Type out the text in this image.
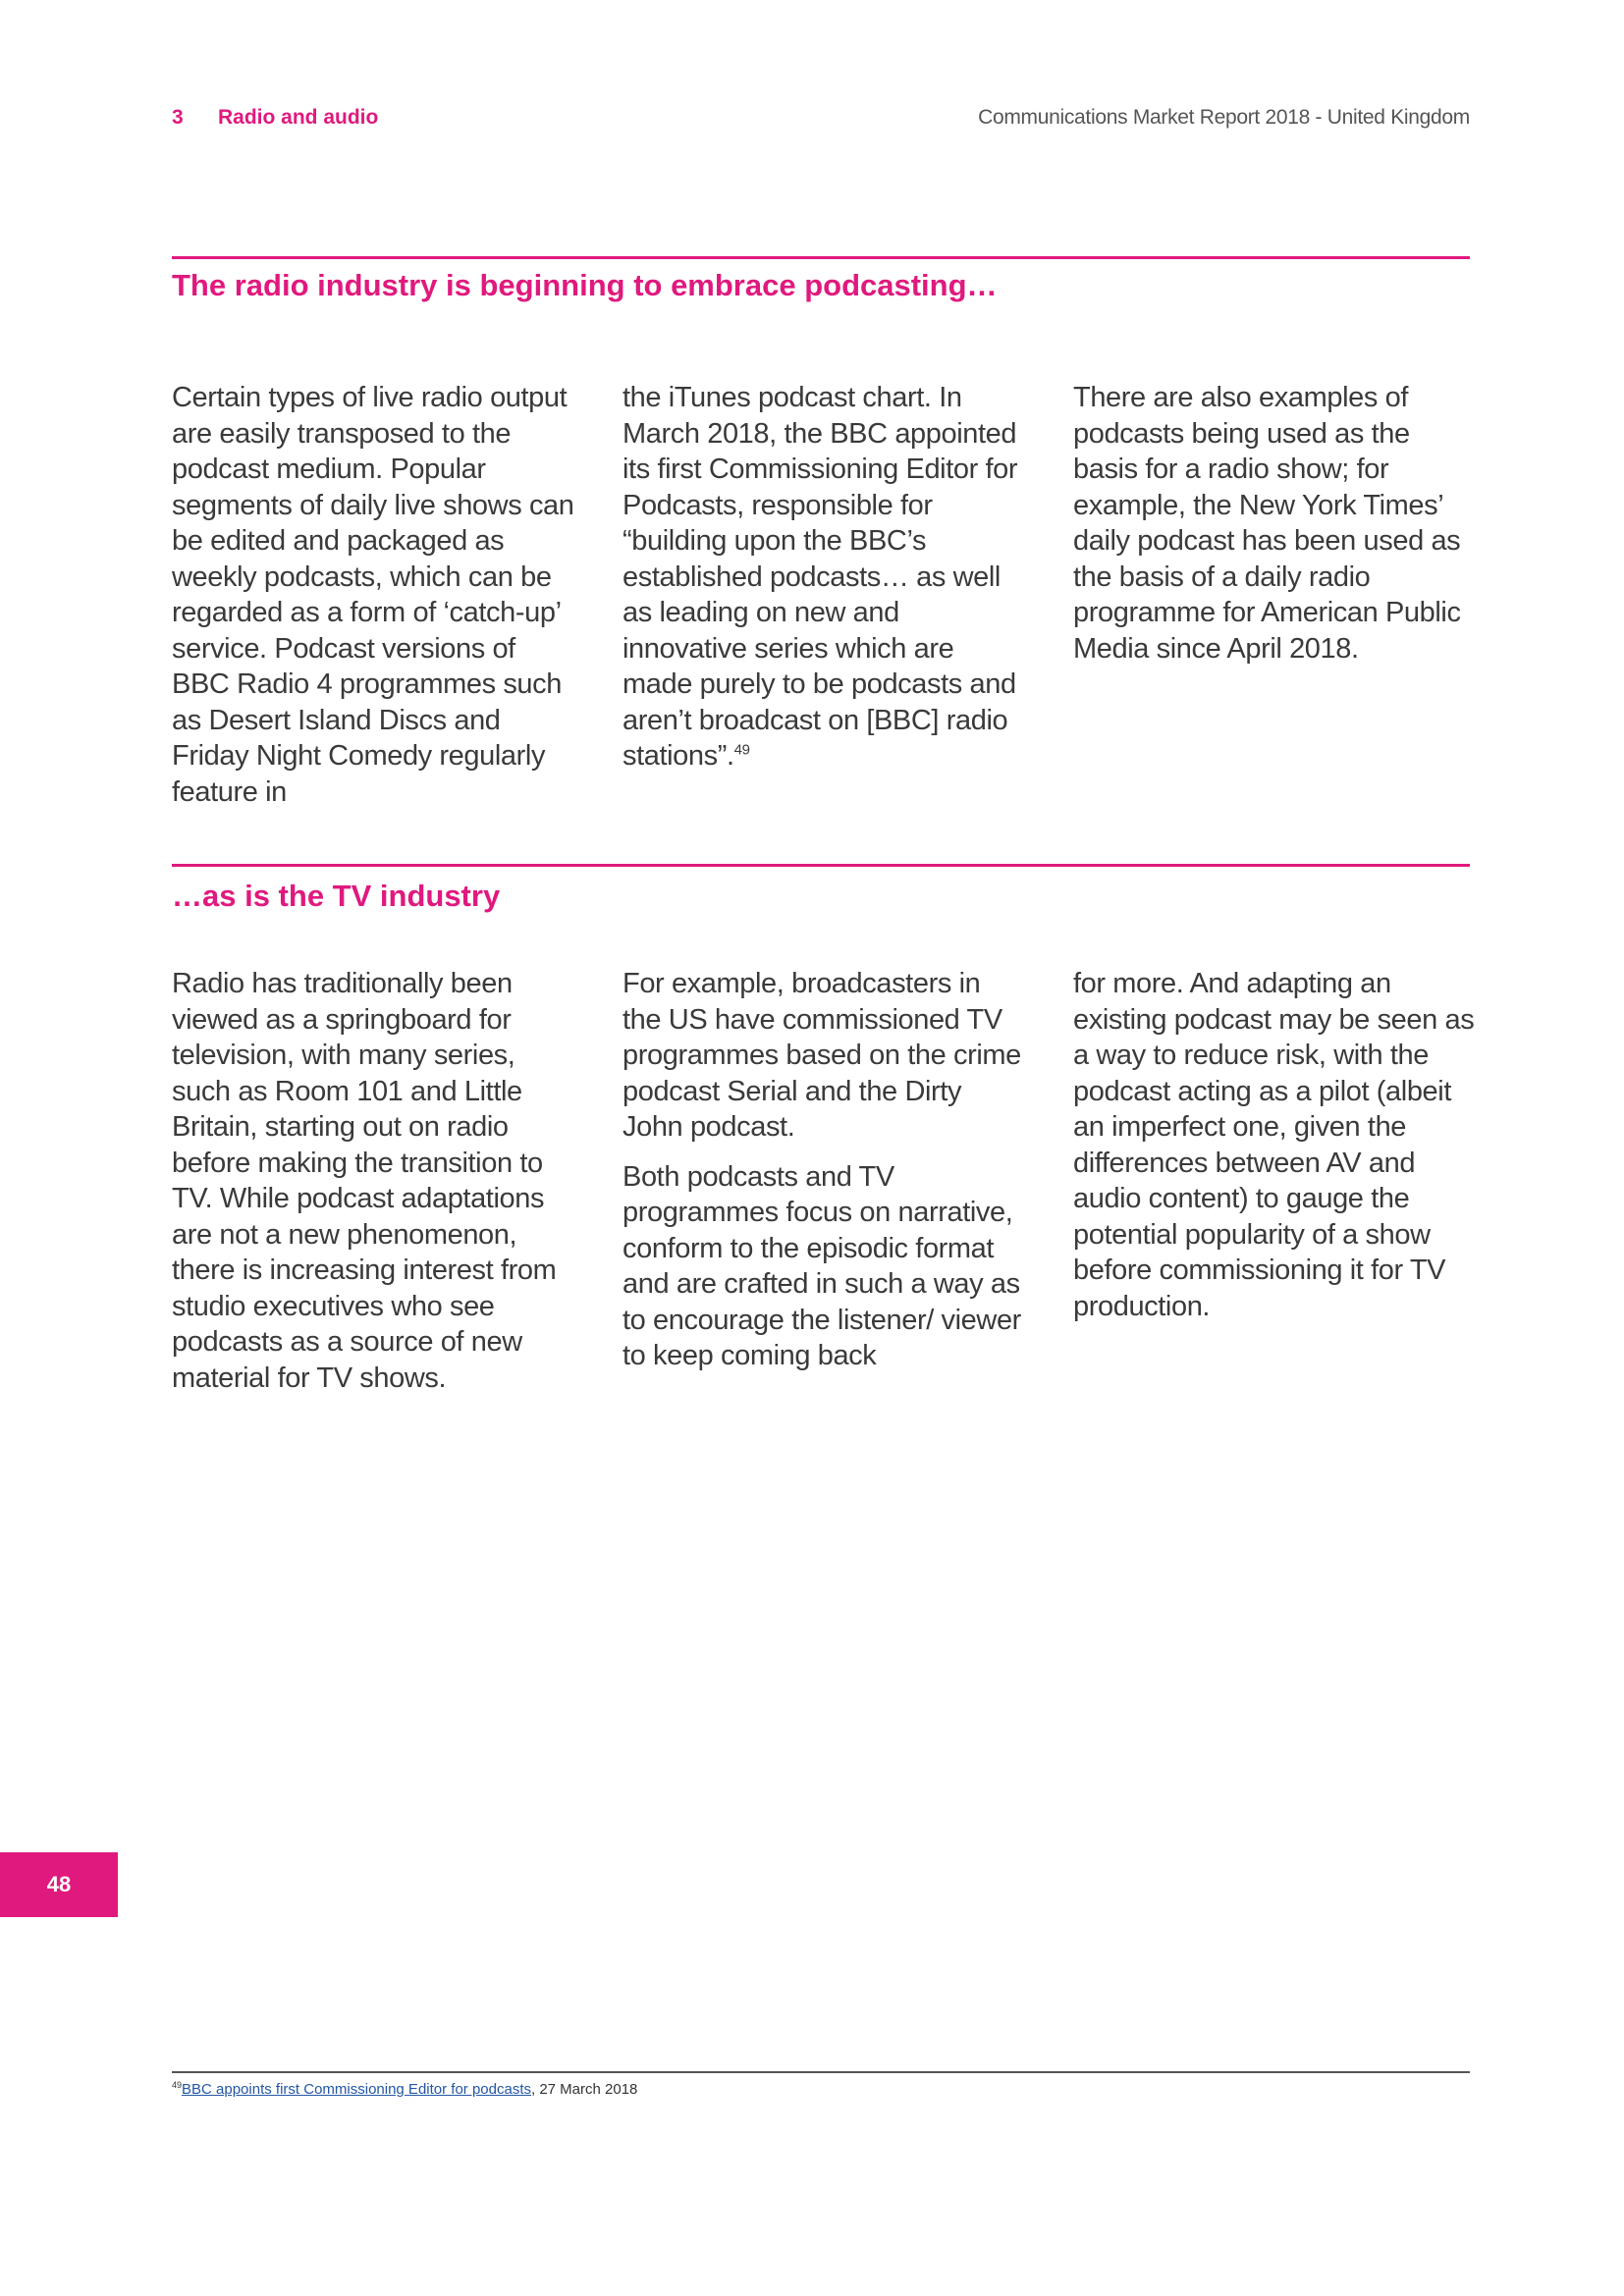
3 Radio and audio	Communications Market Report 2018 - United Kingdom
The radio industry is beginning to embrace podcasting…

Certain types of live radio output are easily transposed to the podcast medium. Popular segments of daily live shows can be edited and packaged as weekly podcasts, which can be regarded as a form of ‘catch-up’ service. Podcast versions of BBC Radio 4 programmes such as Desert Island Discs and Friday Night Comedy regularly feature in

the iTunes podcast chart. In March 2018, the BBC appointed its first Commissioning Editor for Podcasts, responsible for “building upon the BBC’s established podcasts… as well as leading on new and innovative series which are made purely to be podcasts and aren’t broadcast on [BBC] radio stations”.$^{49}$

There are also examples of podcasts being used as the basis for a radio show; for example, the New York Times’ daily podcast has been used as the basis of a daily radio programme for American Public Media since April 2018.

…as is the TV industry

Radio has traditionally been viewed as a springboard for television, with many series, such as Room 101 and Little Britain, starting out on radio before making the transition to TV. While podcast adaptations are not a new phenomenon, there is increasing interest from studio executives who see podcasts as a source of new material for TV shows.

For example, broadcasters in the US have commissioned TV programmes based on the crime podcast Serial and the Dirty John podcast.

Both podcasts and TV programmes focus on narrative, conform to the episodic format and are crafted in such a way as to encourage the listener/ viewer to keep coming back

for more. And adapting an existing podcast may be seen as a way to reduce risk, with the podcast acting as a pilot (albeit an imperfect one, given the differences between AV and audio content) to gauge the potential popularity of a show before commissioning it for TV production.

48
$^{49}$BBC appoints first Commissioning Editor for podcasts, 27 March 2018
